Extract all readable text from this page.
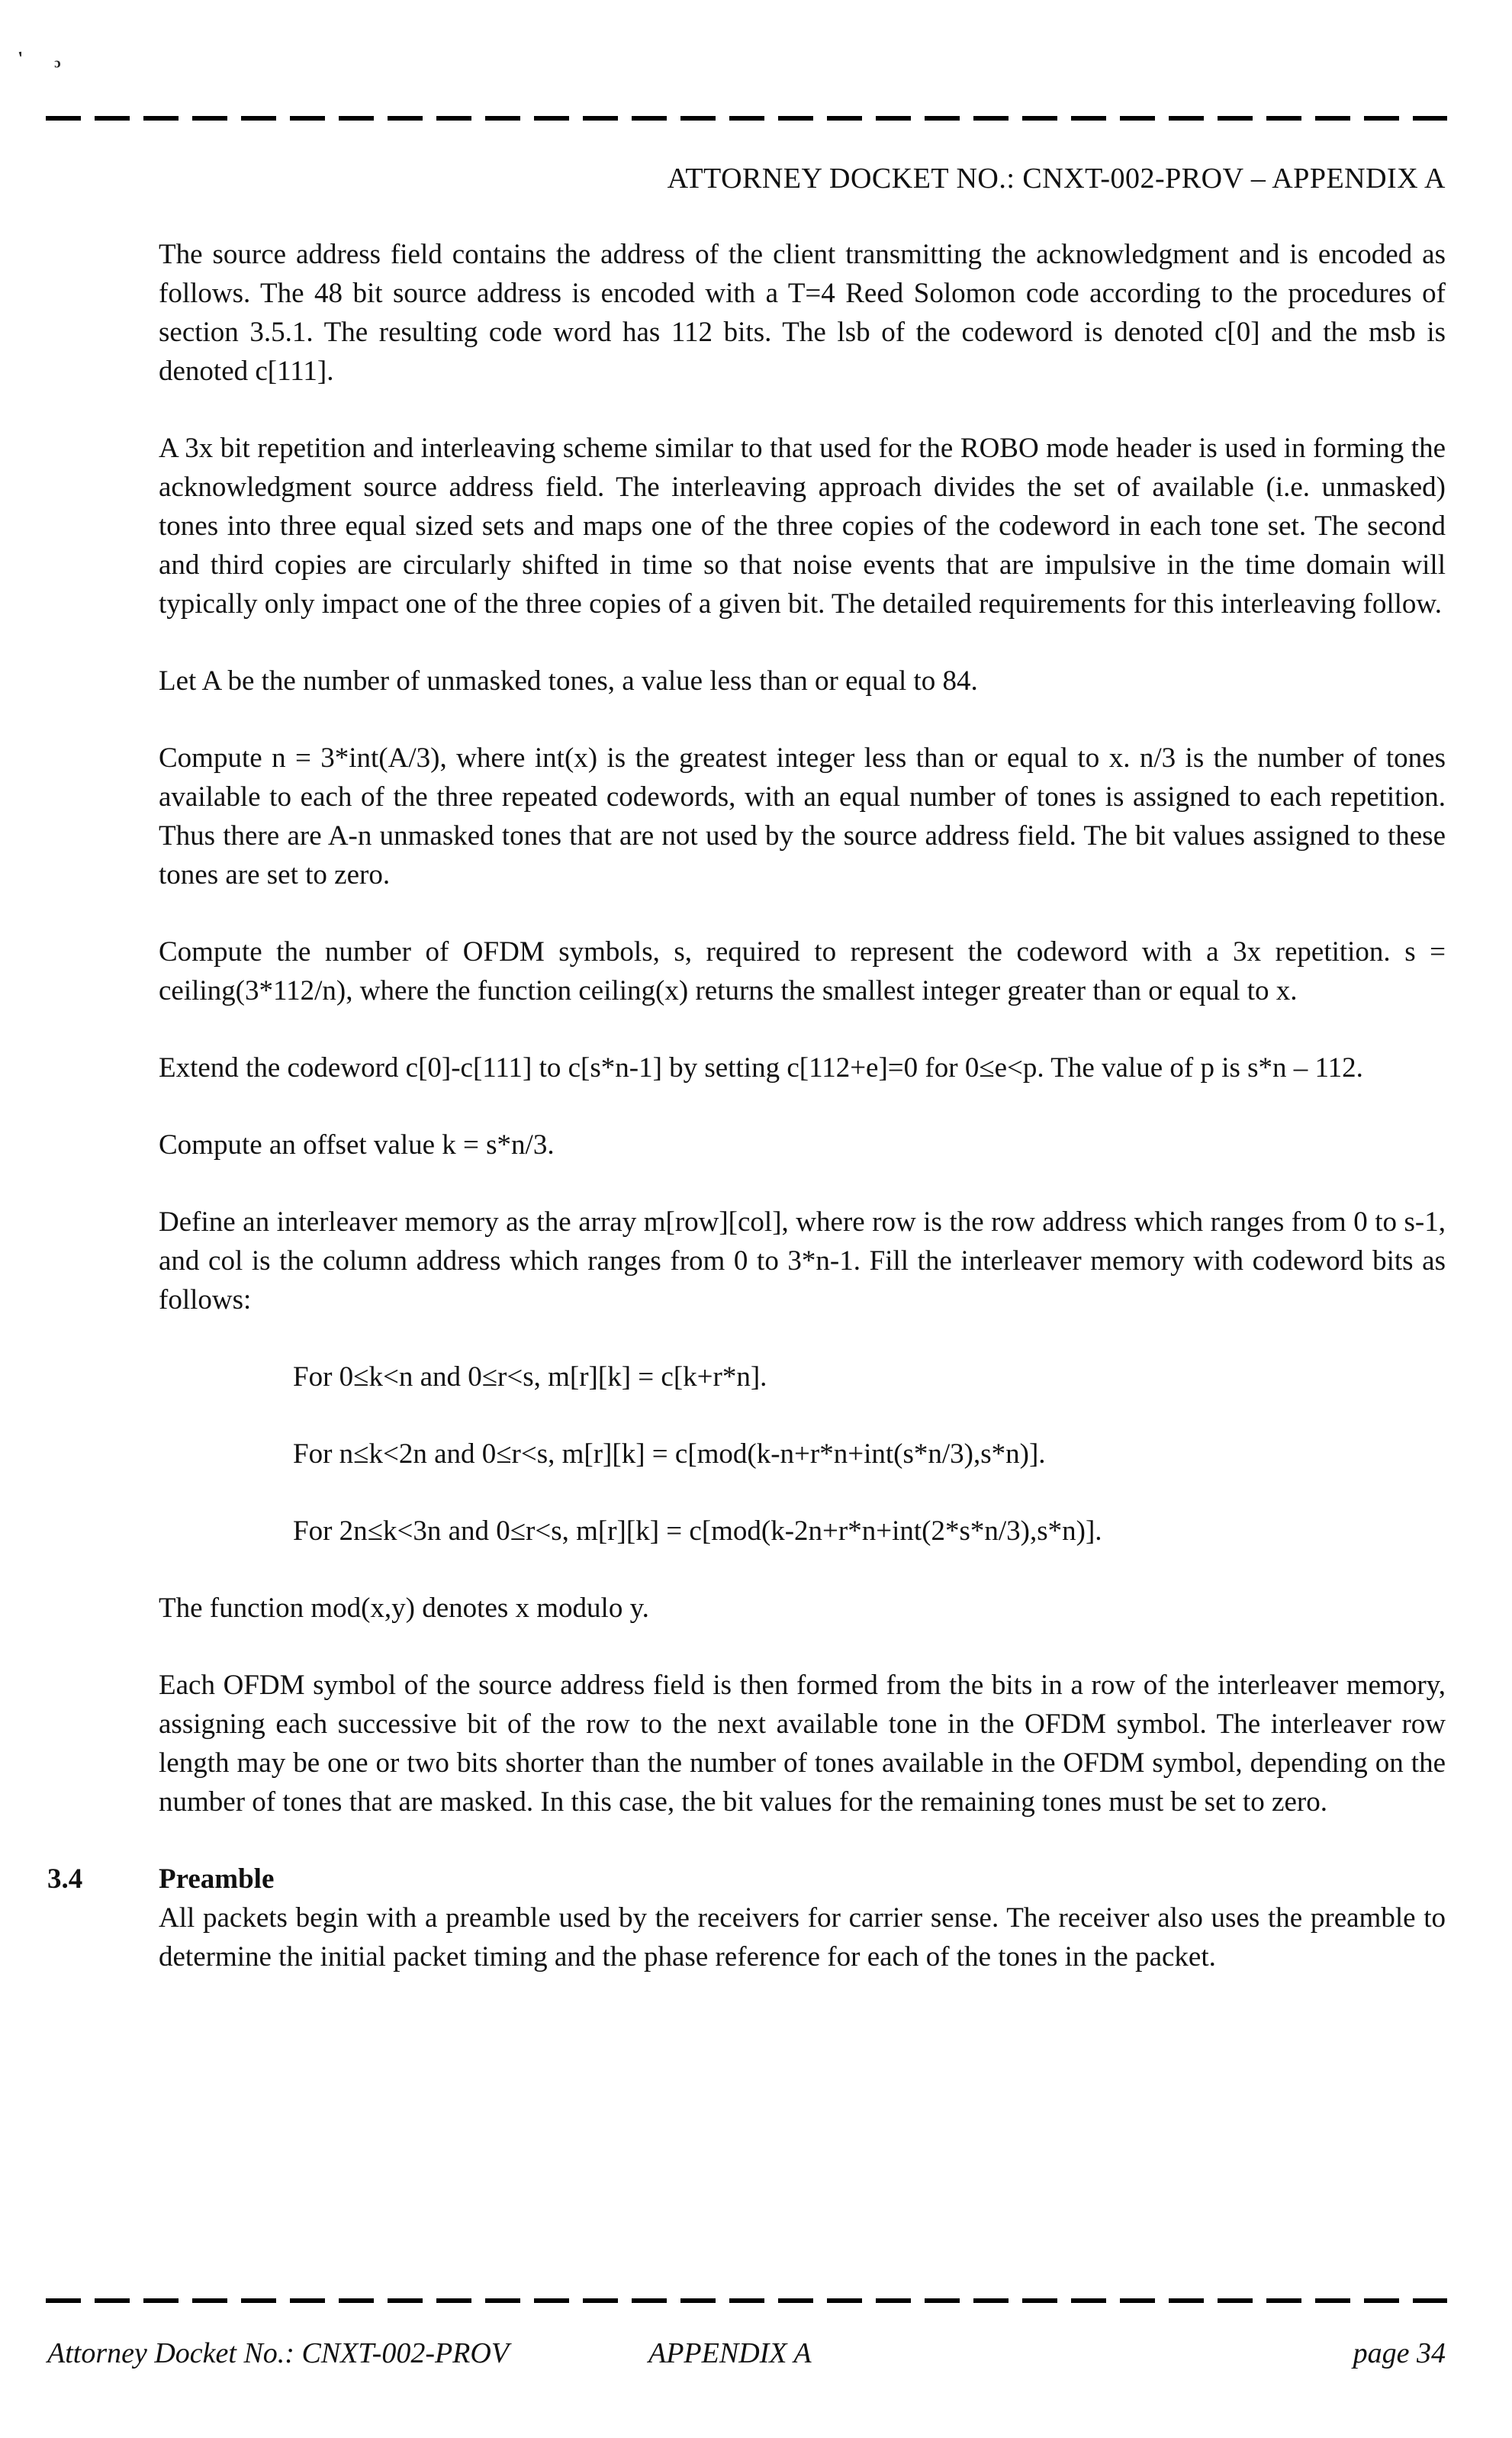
' ɔ
ATTORNEY DOCKET NO.: CNXT-002-PROV – APPENDIX A

The source address field contains the address of the client transmitting the acknowledgment and is encoded as follows. The 48 bit source address is encoded with a T=4 Reed Solomon code according to the procedures of section 3.5.1. The resulting code word has 112 bits. The lsb of the codeword is denoted c[0] and the msb is denoted c[111].

A 3x bit repetition and interleaving scheme similar to that used for the ROBO mode header is used in forming the acknowledgment source address field. The interleaving approach divides the set of available (i.e. unmasked) tones into three equal sized sets and maps one of the three copies of the codeword in each tone set. The second and third copies are circularly shifted in time so that noise events that are impulsive in the time domain will typically only impact one of the three copies of a given bit. The detailed requirements for this interleaving follow.

Let A be the number of unmasked tones, a value less than or equal to 84.

Compute n = 3*int(A/3), where int(x) is the greatest integer less than or equal to x. n/3 is the number of tones available to each of the three repeated codewords, with an equal number of tones is assigned to each repetition. Thus there are A-n unmasked tones that are not used by the source address field. The bit values assigned to these tones are set to zero.

Compute the number of OFDM symbols, s, required to represent the codeword with a 3x repetition. s = ceiling(3*112/n), where the function ceiling(x) returns the smallest integer greater than or equal to x.

Extend the codeword c[0]-c[111] to c[s*n-1] by setting c[112+e]=0 for 0≤e<p. The value of p is s*n – 112.

Compute an offset value k = s*n/3.

Define an interleaver memory as the array m[row][col], where row is the row address which ranges from 0 to s-1, and col is the column address which ranges from 0 to 3*n-1. Fill the interleaver memory with codeword bits as follows:

For 0≤k<n and 0≤r<s, m[r][k] = c[k+r*n].

For n≤k<2n and 0≤r<s, m[r][k] = c[mod(k-n+r*n+int(s*n/3),s*n)].

For 2n≤k<3n and 0≤r<s, m[r][k] = c[mod(k-2n+r*n+int(2*s*n/3),s*n)].

The function mod(x,y) denotes x modulo y.

Each OFDM symbol of the source address field is then formed from the bits in a row of the interleaver memory, assigning each successive bit of the row to the next available tone in the OFDM symbol. The interleaver row length may be one or two bits shorter than the number of tones available in the OFDM symbol, depending on the number of tones that are masked. In this case, the bit values for the remaining tones must be set to zero.

3.4	Preamble

All packets begin with a preamble used by the receivers for carrier sense. The receiver also uses the preamble to determine the initial packet timing and the phase reference for each of the tones in the packet.

Attorney Docket No.: CNXT-002-PROV	APPENDIX A	page 34
